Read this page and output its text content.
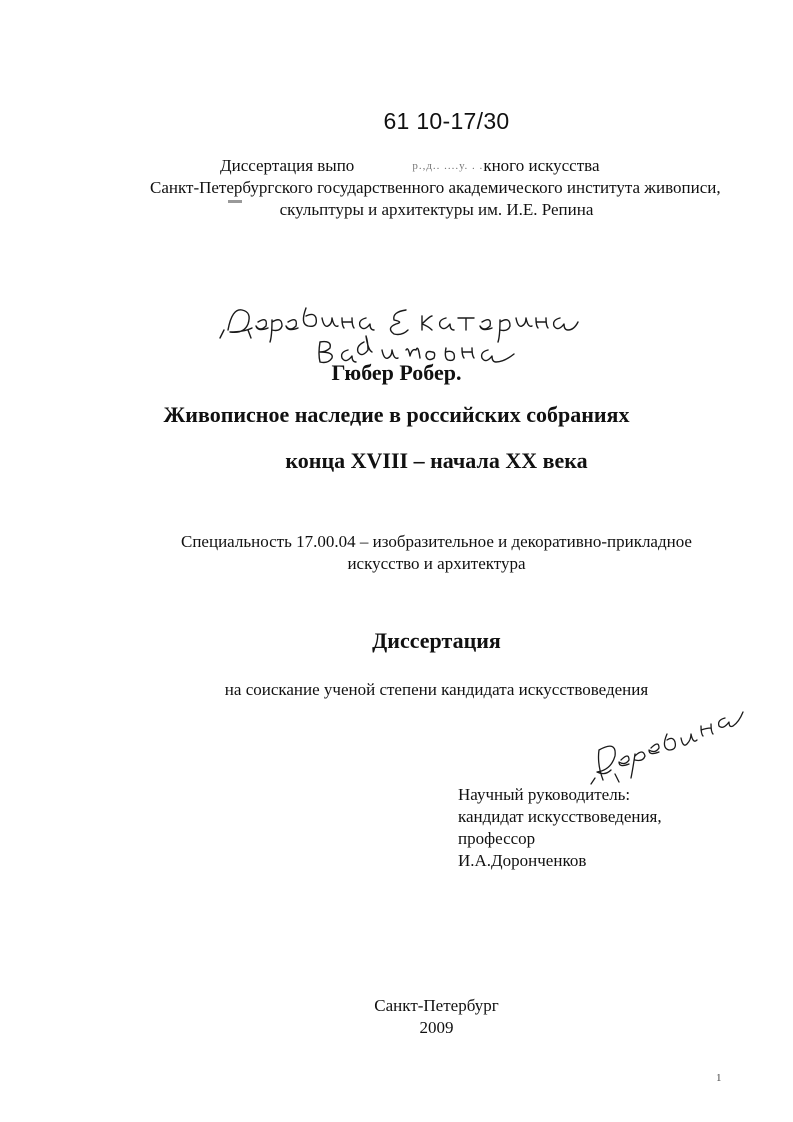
61 10-17/30
Диссертация выпо	р.,д.. ....у. . .кного искусства
Санкт-Петербургского государственного академического института живописи,
скульптуры и архитектуры им. И.Е. Репина
Гюбер Робер.
Живописное наследие в российских собраниях
конца XVIII – начала XX века
Специальность 17.00.04 – изобразительное и декоративно-прикладное
искусство и архитектура
Диссертация
на соискание ученой степени кандидата искусствоведения
Научный руководитель:
кандидат искусствоведения,
профессор
И.А.Доронченков
Санкт-Петербург
2009
1
